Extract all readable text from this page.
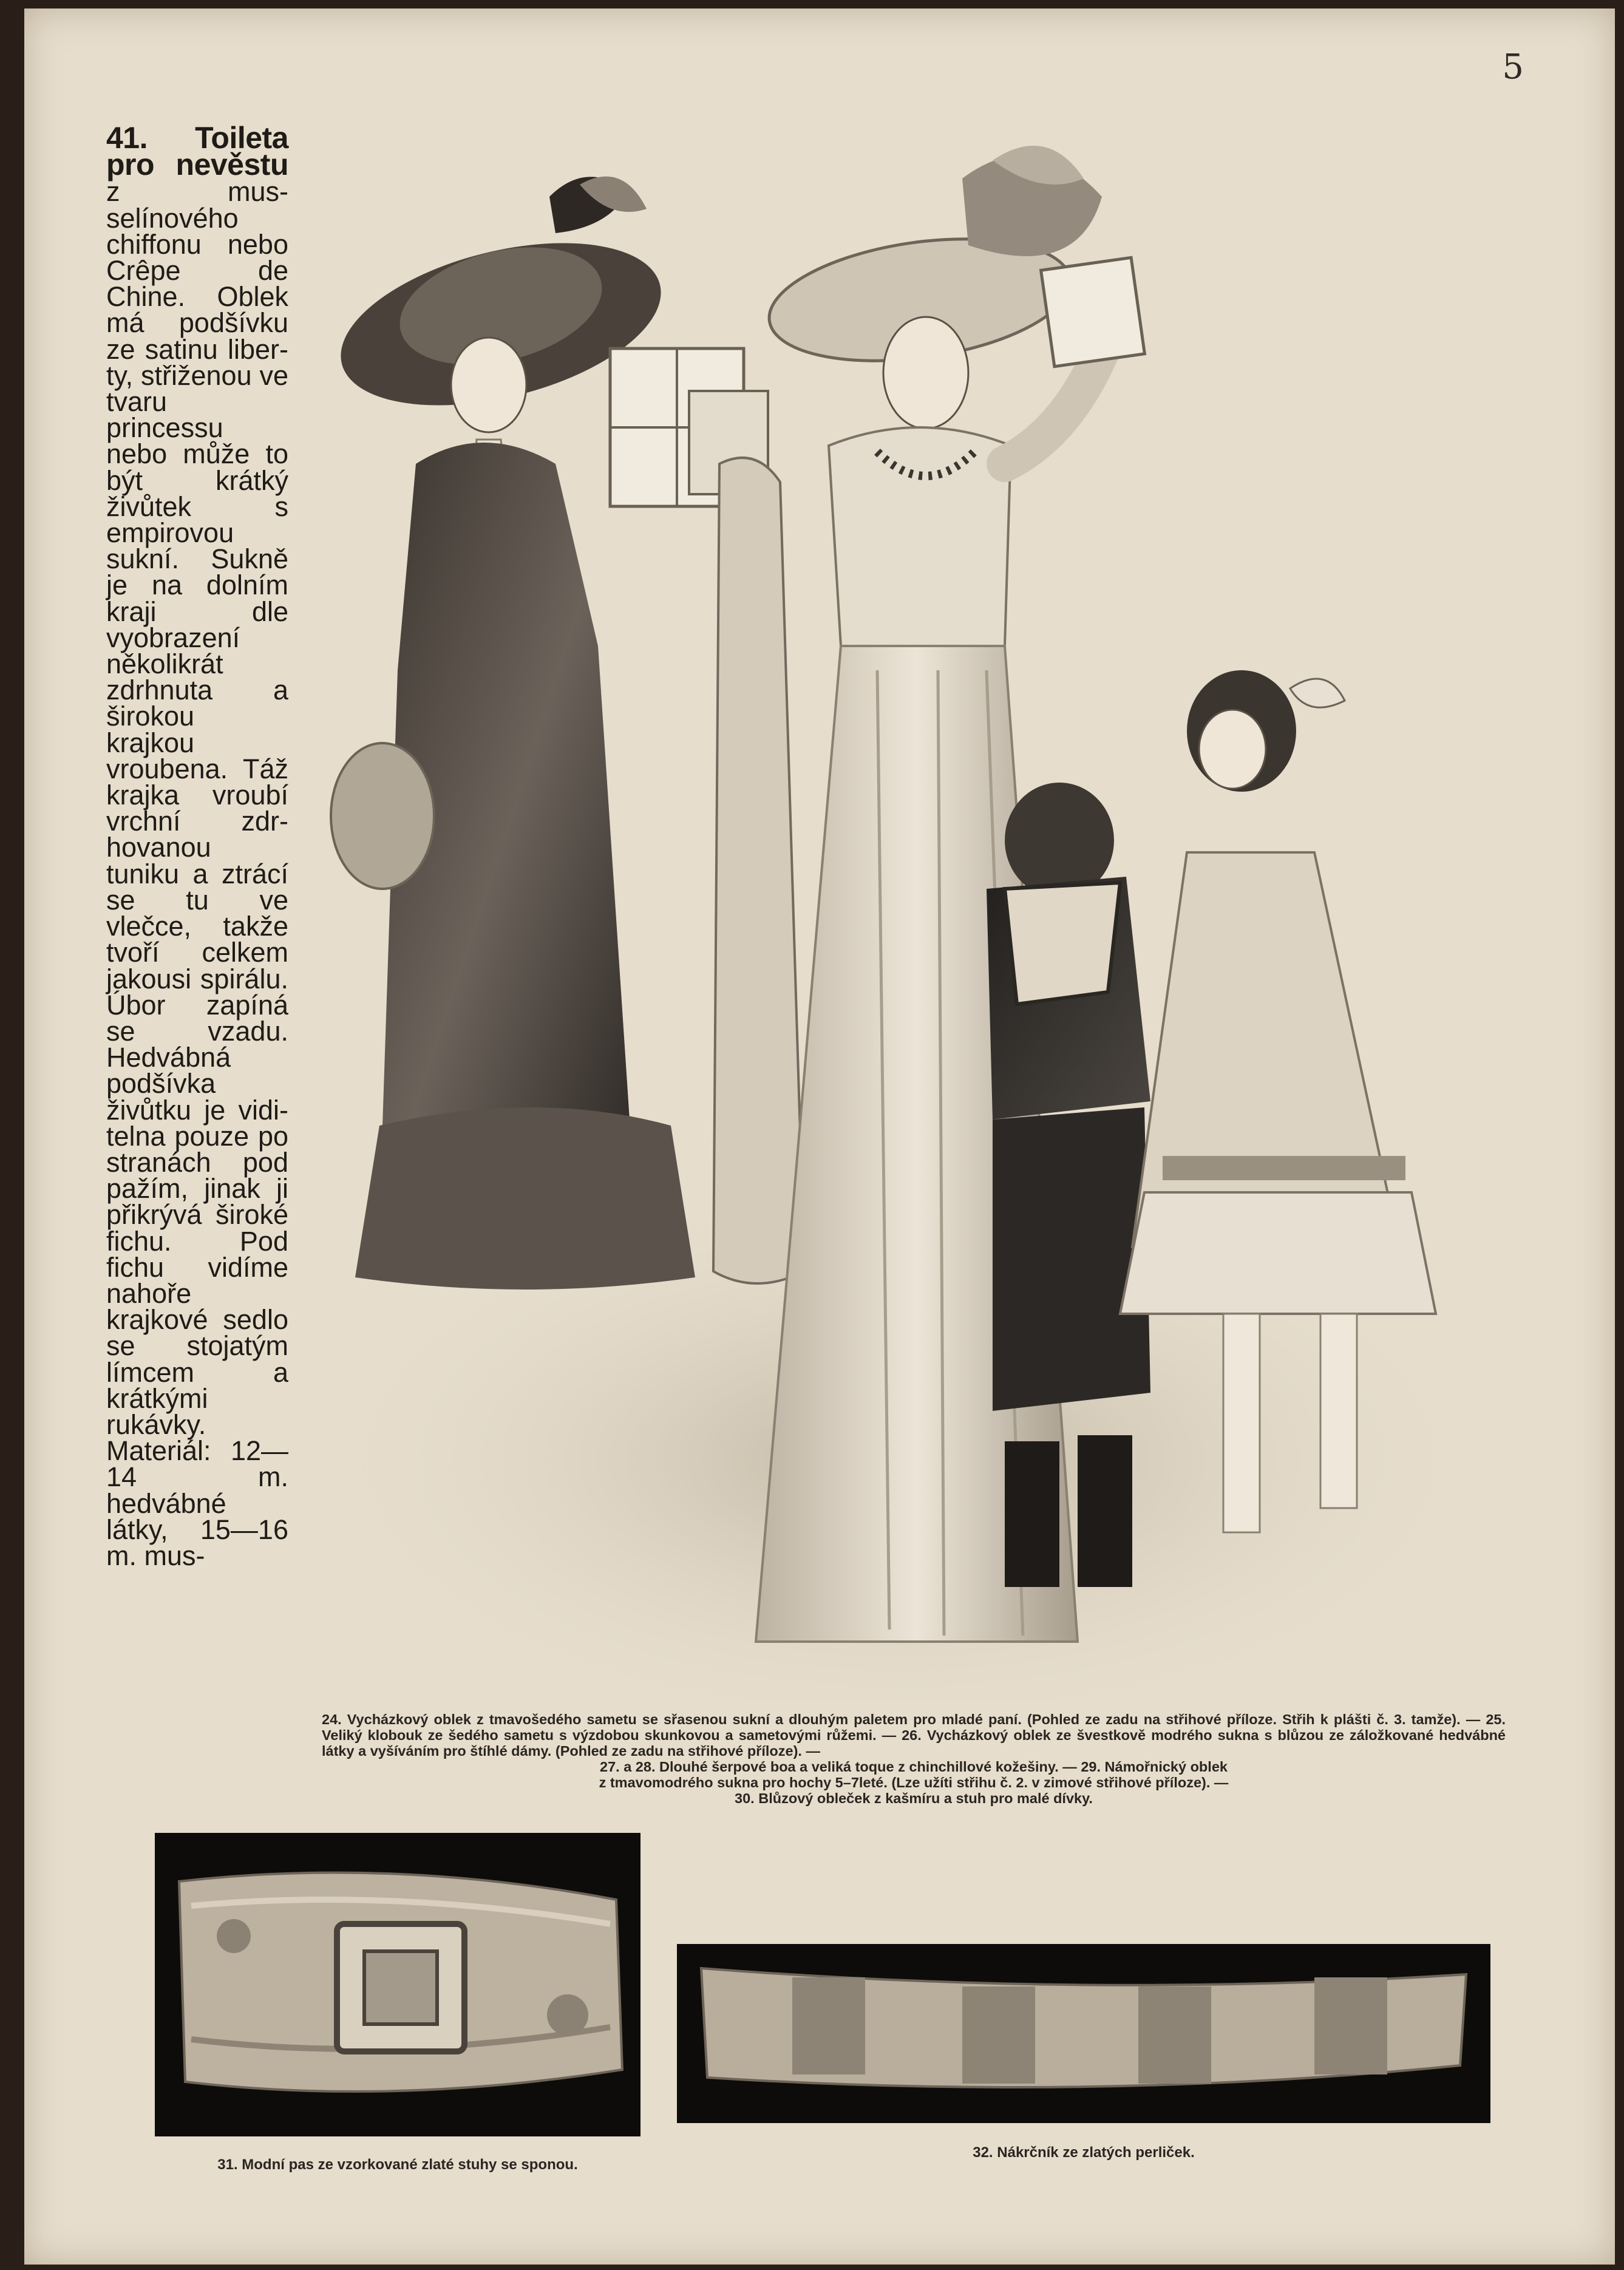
5
41. Toileta pro nevěstu z musselínového chiffonu nebo Crêpe de Chine. Oblek má podšívku ze satinu liberty, střiženou ve tvaru princessu nebo může to být krátký živůtek s empirovou sukní. Sukně je na dolním kraji dle vyobrazení několikrát zdrhnuta a širokou krajkou vroubena. Táž krajka vroubí vrchní zdrhovanou tuniku a ztrácí se tu ve vlečce, takže tvoří celkem jakousi spirálu. Úbor zapíná se vzadu. Hedvábná podšívka živůtku je viditelna pouze po stranách pod pažím, jinak ji přikrývá široké fichu. Pod fichu vidíme nahoře krajkové sedlo se stojatým límcem a krátkými rukávky. Materiál: 12—14 m. hedvábné látky, 15—16 m. mus-
24. Vycházkový oblek z tmavošedého sametu se sřasenou sukní a dlouhým paletem pro mladé paní. (Pohled ze zadu na střihové příloze. Střih k plášti č. 3. tamže). — 25. Veliký klobouk ze šedého sametu s výzdobou skunkovou a sametovými růžemi. — 26. Vycházkový oblek ze švestkově modrého sukna s blůzou ze záložkované hedvábné látky a vyšíváním pro štíhlé dámy. (Pohled ze zadu na střihové příloze). —
27. a 28. Dlouhé šerpové boa a veliká toque z chinchillové kožešiny. — 29. Námořnický oblek
z tmavomodrého sukna pro hochy 5–7leté. (Lze užíti střihu č. 2. v zimové střihové příloze). —
30. Blůzový obleček z kašmíru a stuh pro malé dívky.
31. Modní pas ze vzorkované zlaté stuhy se sponou.
32. Nákrčník ze zlatých perliček.
